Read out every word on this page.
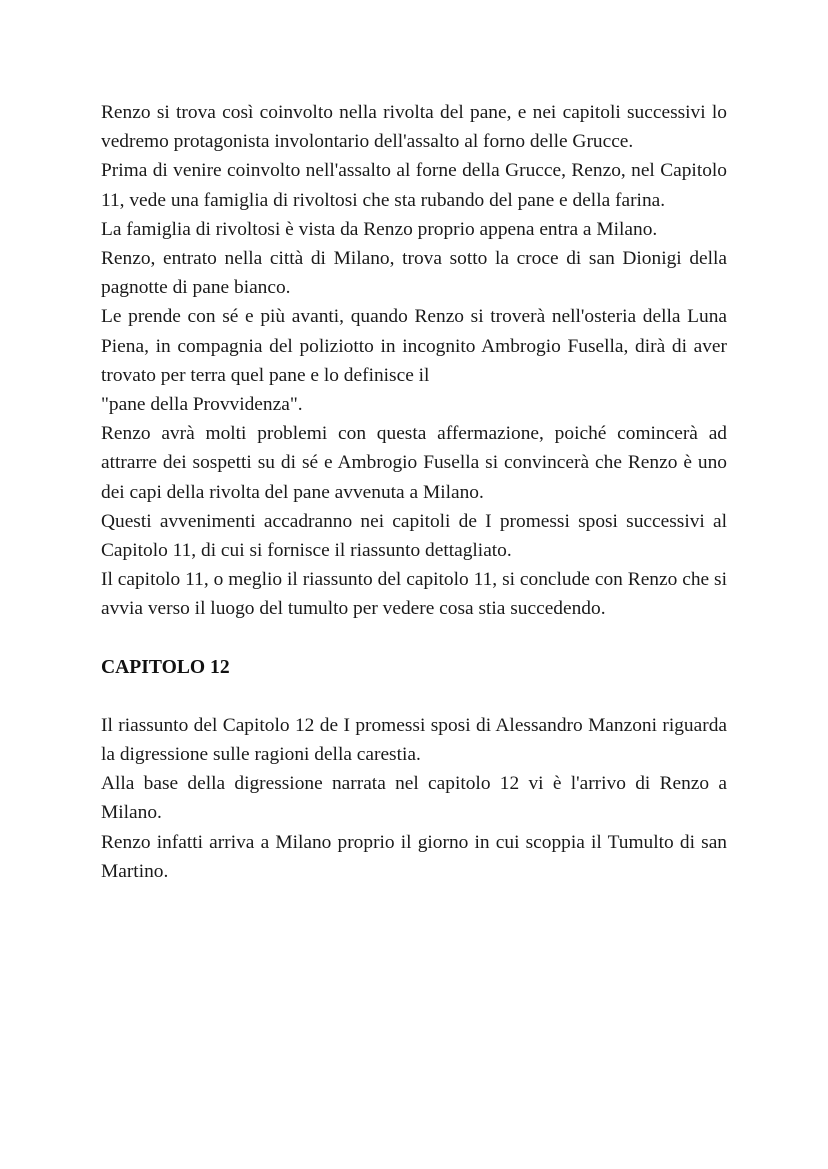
Renzo si trova così coinvolto nella rivolta del pane, e nei capitoli successivi lo vedremo protagonista involontario dell'assalto al forno delle Grucce.

Prima di venire coinvolto nell'assalto al forne della Grucce, Renzo, nel Capitolo 11, vede una famiglia di rivoltosi che sta rubando del pane e della farina.

La famiglia di rivoltosi è vista da Renzo proprio appena entra a Milano.

Renzo, entrato nella città di Milano, trova sotto la croce di san Dionigi della pagnotte di pane bianco.

Le prende con sé e più avanti, quando Renzo si troverà nell'osteria della Luna Piena, in compagnia del poliziotto in incognito Ambrogio Fusella, dirà di aver trovato per terra quel pane e lo definisce il

"pane della Provvidenza".

Renzo avrà molti problemi con questa affermazione, poiché comincerà ad attrarre dei sospetti su di sé e Ambrogio Fusella si convincerà che Renzo è uno dei capi della rivolta del pane avvenuta a Milano.

Questi avvenimenti accadranno nei capitoli de I promessi sposi successivi al Capitolo 11, di cui si fornisce il riassunto dettagliato.

Il capitolo 11, o meglio il riassunto del capitolo 11, si conclude con Renzo che si avvia verso il luogo del tumulto per vedere cosa stia succedendo.

CAPITOLO 12

Il riassunto del Capitolo 12 de I promessi sposi di Alessandro Manzoni riguarda la digressione sulle ragioni della carestia.

Alla base della digressione narrata nel capitolo 12 vi è l'arrivo di Renzo a Milano.

Renzo infatti arriva a Milano proprio il giorno in cui scoppia il Tumulto di san Martino.
